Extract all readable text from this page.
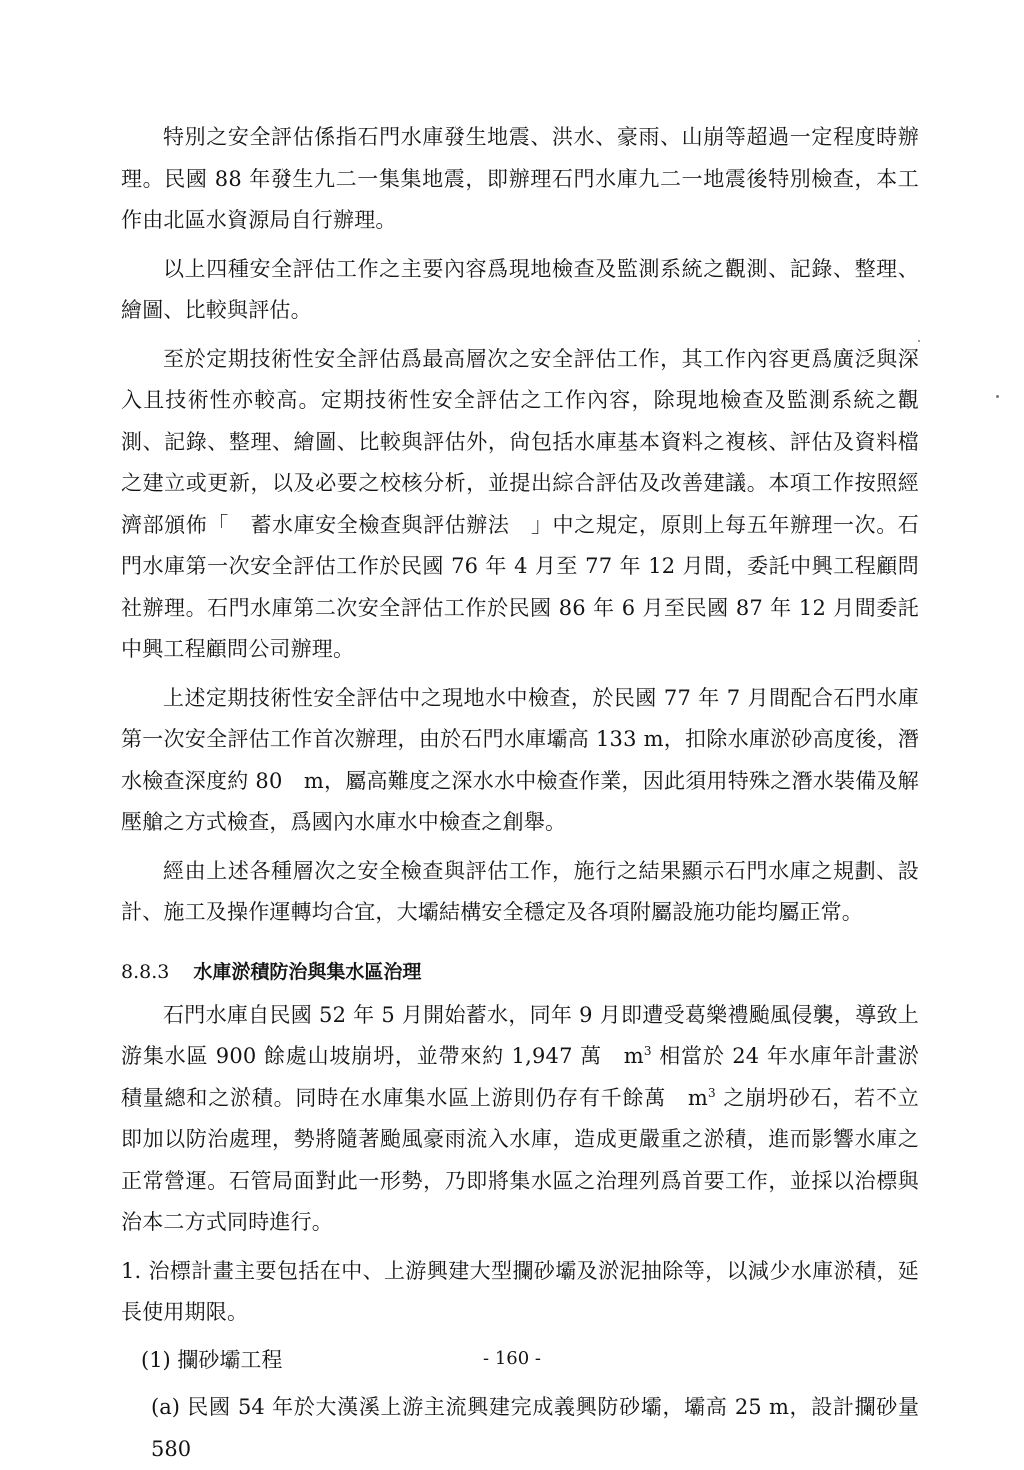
特別之安全評估係指石門水庫發生地震、洪水、豪雨、山崩等超過一定程度時辦理。民國 88 年發生九二一集集地震，即辦理石門水庫九二一地震後特別檢查，本工作由北區水資源局自行辦理。

以上四種安全評估工作之主要內容爲現地檢查及監測系統之觀測、記錄、整理、繪圖、比較與評估。

至於定期技術性安全評估爲最高層次之安全評估工作，其工作內容更爲廣泛與深入且技術性亦較高。定期技術性安全評估之工作內容，除現地檢查及監測系統之觀測、記錄、整理、繪圖、比較與評估外，尙包括水庫基本資料之複核、評估及資料檔之建立或更新，以及必要之校核分析，並提出綜合評估及改善建議。本項工作按照經濟部頒佈「　蓄水庫安全檢查與評估辦法　」中之規定，原則上每五年辦理一次。石門水庫第一次安全評估工作於民國 76 年 4 月至 77 年 12 月間，委託中興工程顧問社辦理。石門水庫第二次安全評估工作於民國 86 年 6 月至民國 87 年 12 月間委託中興工程顧問公司辦理。

上述定期技術性安全評估中之現地水中檢查，於民國 77 年 7 月間配合石門水庫第一次安全評估工作首次辦理，由於石門水庫壩高 133 m，扣除水庫淤砂高度後，潛水檢查深度約 80　m，屬高難度之深水水中檢查作業，因此須用特殊之潛水裝備及解壓艙之方式檢查，爲國內水庫水中檢查之創舉。

經由上述各種層次之安全檢查與評估工作，施行之結果顯示石門水庫之規劃、設計、施工及操作運轉均合宜，大壩結構安全穩定及各項附屬設施功能均屬正常。

8.8.3 水庫淤積防治與集水區治理

石門水庫自民國 52 年 5 月開始蓄水，同年 9 月即遭受葛樂禮颱風侵襲，導致上游集水區 900 餘處山坡崩坍，並帶來約 1,947 萬　$m^3$ 相當於 24 年水庫年計畫淤積量總和之淤積。同時在水庫集水區上游則仍存有千餘萬　$m^3$ 之崩坍砂石，若不立即加以防治處理，勢將隨著颱風豪雨流入水庫，造成更嚴重之淤積，進而影響水庫之正常營運。石管局面對此一形勢，乃即將集水區之治理列爲首要工作，並採以治標與治本二方式同時進行。

1. 治標計畫主要包括在中、上游興建大型攔砂壩及淤泥抽除等，以減少水庫淤積，延長使用期限。

(1) 攔砂壩工程

(a) 民國 54 年於大漢溪上游主流興建完成義興防砂壩，壩高 25 m，設計攔砂量 580

- 160 -
